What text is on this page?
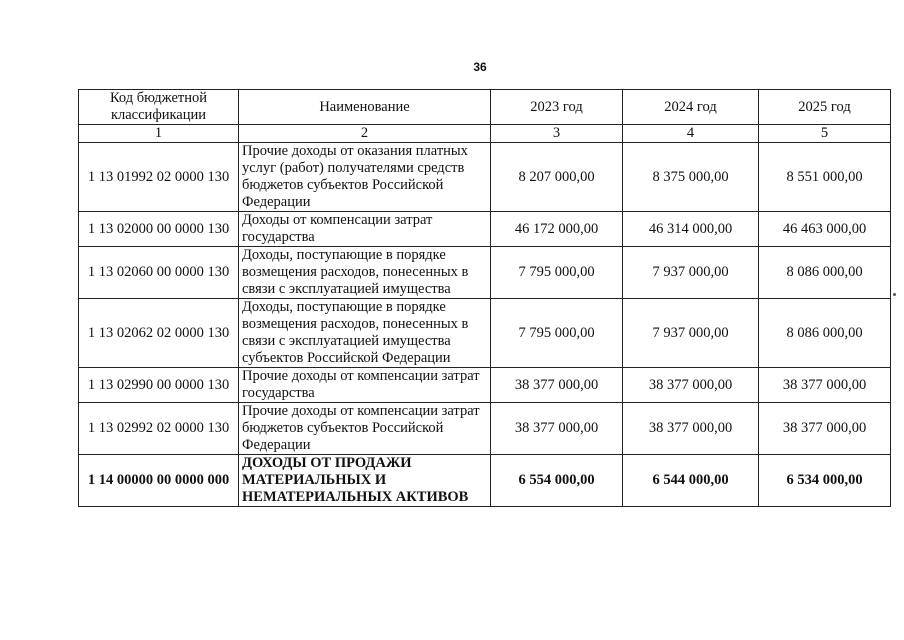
36
Код бюджетной классификации	Наименование	2023 год	2024 год	2025 год
1	2	3	4	5
1 13 01992 02 0000 130	Прочие доходы от оказания платных услуг (работ) получателями средств бюджетов субъектов Российской Федерации	8 207 000,00	8 375 000,00	8 551 000,00
1 13 02000 00 0000 130	Доходы от компенсации затрат государства	46 172 000,00	46 314 000,00	46 463 000,00
1 13 02060 00 0000 130	Доходы, поступающие в порядке возмещения расходов, понесенных в связи с эксплуатацией имущества	7 795 000,00	7 937 000,00	8 086 000,00
1 13 02062 02 0000 130	Доходы, поступающие в порядке возмещения расходов, понесенных в связи с эксплуатацией имущества субъектов Российской Федерации	7 795 000,00	7 937 000,00	8 086 000,00
1 13 02990 00 0000 130	Прочие доходы от компенсации затрат государства	38 377 000,00	38 377 000,00	38 377 000,00
1 13 02992 02 0000 130	Прочие доходы от компенсации затрат бюджетов субъектов Российской Федерации	38 377 000,00	38 377 000,00	38 377 000,00
1 14 00000 00 0000 000	ДОХОДЫ ОТ ПРОДАЖИ МАТЕРИАЛЬНЫХ И НЕМАТЕРИАЛЬНЫХ АКТИВОВ	6 554 000,00	6 544 000,00	6 534 000,00
